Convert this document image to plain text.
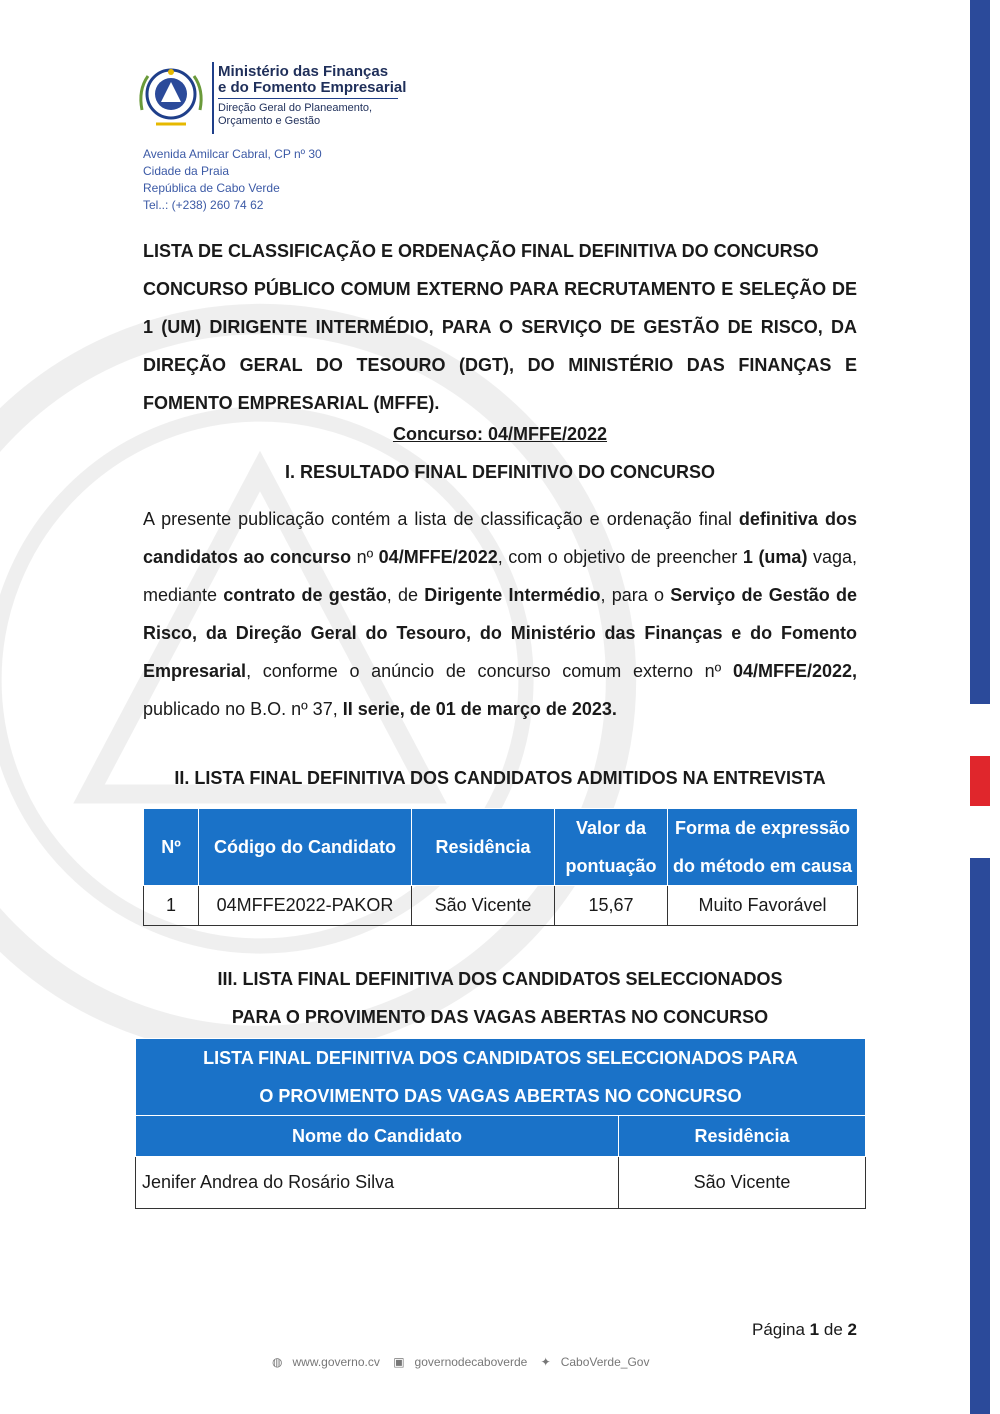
Ministério das Finanças
e do Fomento Empresarial
Direção Geral do Planeamento,
Orçamento e Gestão
Avenida Amilcar Cabral, CP nº 30
Cidade da Praia
República de Cabo Verde
Tel..: (+238) 260 74 62
LISTA DE CLASSIFICAÇÃO E ORDENAÇÃO FINAL DEFINITIVA DO CONCURSO
CONCURSO PÚBLICO COMUM EXTERNO PARA RECRUTAMENTO E SELEÇÃO DE 1 (UM) DIRIGENTE INTERMÉDIO, PARA O SERVIÇO DE GESTÃO DE RISCO, DA DIREÇÃO GERAL DO TESOURO (DGT), DO MINISTÉRIO DAS FINANÇAS E FOMENTO EMPRESARIAL (MFFE).
Concurso: 04/MFFE/2022
I. RESULTADO FINAL DEFINITIVO DO CONCURSO
A presente publicação contém a lista de classificação e ordenação final definitiva dos candidatos ao concurso nº 04/MFFE/2022, com o objetivo de preencher 1 (uma) vaga, mediante contrato de gestão, de Dirigente Intermédio, para o Serviço de Gestão de Risco, da Direção Geral do Tesouro, do Ministério das Finanças e do Fomento Empresarial, conforme o anúncio de concurso comum externo nº 04/MFFE/2022, publicado no B.O. nº 37, II serie, de 01 de março de 2023.
II. LISTA FINAL DEFINITIVA DOS CANDIDATOS ADMITIDOS NA ENTREVISTA
Nº	Código do Candidato	Residência	Valor da pontuação	Forma de expressão do método em causa
1	04MFFE2022-PAKOR	São Vicente	15,67	Muito Favorável
III. LISTA FINAL DEFINITIVA DOS CANDIDATOS SELECCIONADOS
PARA O PROVIMENTO DAS VAGAS ABERTAS NO CONCURSO
LISTA FINAL DEFINITIVA DOS CANDIDATOS SELECCIONADOS PARA O PROVIMENTO DAS VAGAS ABERTAS NO CONCURSO	
Nome do Candidato	Residência
Jenifer Andrea do Rosário Silva	São Vicente
Página 1 de 2
◍ www.governo.cv ▣ governodecaboverde ✦ CaboVerde_Gov
